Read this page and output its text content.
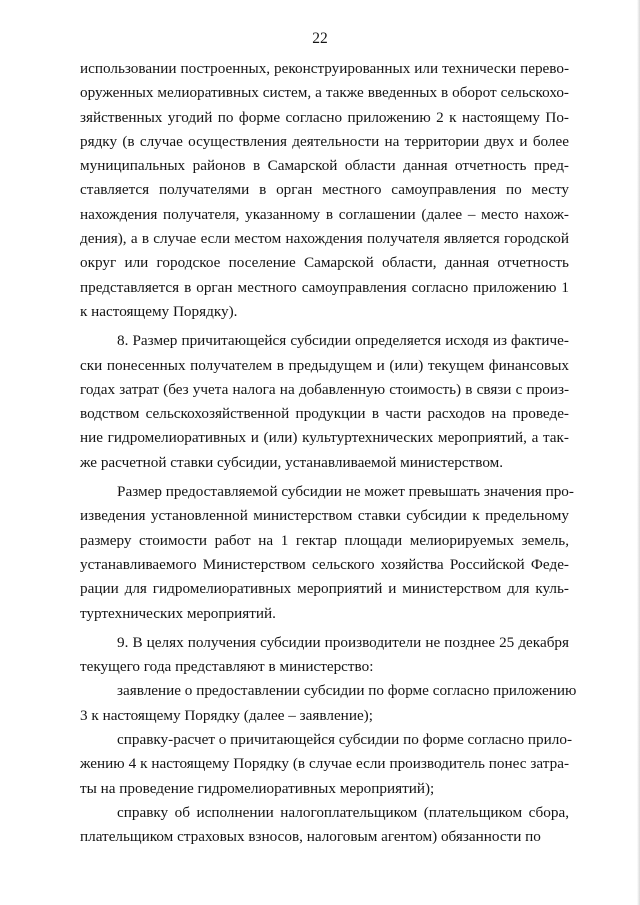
22

использовании построенных, реконструированных или технически перево-
оруженных мелиоративных систем, а также введенных в оборот сельскохо-
зяйственных угодий по форме согласно приложению 2 к настоящему По-
рядку (в случае осуществления деятельности на территории двух и более
муниципальных районов в Самарской области данная отчетность пред-
ставляется получателями в орган местного самоуправления по месту
нахождения получателя, указанному в соглашении (далее – место нахож-
дения), а в случае если местом нахождения получателя является городской
округ или городское поселение Самарской области, данная отчетность
представляется в орган местного самоуправления согласно приложению 1
к настоящему Порядку).

8. Размер причитающейся субсидии определяется исходя из фактиче-
ски понесенных получателем в предыдущем и (или) текущем финансовых
годах затрат (без учета налога на добавленную стоимость) в связи с произ-
водством сельскохозяйственной продукции в части расходов на проведе-
ние гидромелиоративных и (или) культуртехнических мероприятий, а так-
же расчетной ставки субсидии, устанавливаемой министерством.

Размер предоставляемой субсидии не может превышать значения про-
изведения установленной министерством ставки субсидии к предельному
размеру стоимости работ на 1 гектар площади мелиорируемых земель,
устанавливаемого Министерством сельского хозяйства Российской Феде-
рации для гидромелиоративных мероприятий и министерством для куль-
туртехнических мероприятий.

9. В целях получения субсидии производители не позднее 25 декабря
текущего года представляют в министерство:

заявление о предоставлении субсидии по форме согласно приложению
3 к настоящему Порядку (далее – заявление);

справку-расчет о причитающейся субсидии по форме согласно прило-
жению 4 к настоящему Порядку (в случае если производитель понес затра-
ты на проведение гидромелиоративных мероприятий);

справку об исполнении налогоплательщиком (плательщиком сбора,
плательщиком страховых взносов, налоговым агентом) обязанности по
